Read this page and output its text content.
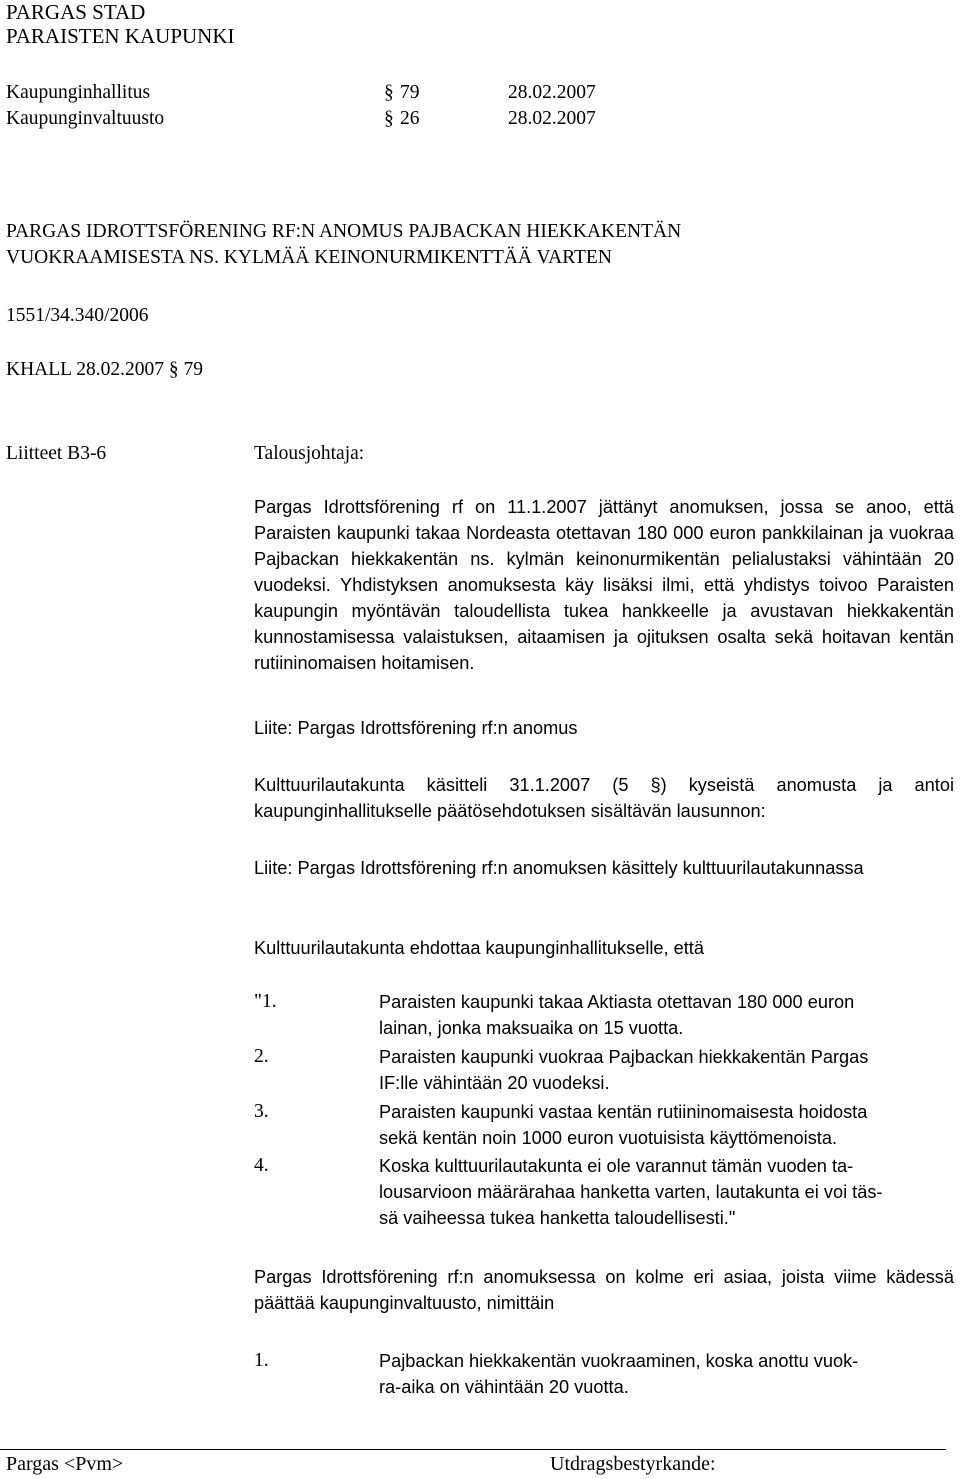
PARGAS STAD
PARAISTEN KAUPUNKI
Kaupunginhallitus	§ 79	28.02.2007
Kaupunginvaltuusto	§ 26	28.02.2007
PARGAS IDROTTSFÖRENING RF:N ANOMUS PAJBACKAN HIEKKAKENTÄN
VUOKRAAMISESTA NS. KYLMÄÄ KEINONURMIKENTTÄÄ VARTEN
1551/34.340/2006
KHALL 28.02.2007 § 79
Liitteet B3-6	Talousjohtaja:
Pargas Idrottsförening rf on 11.1.2007 jättänyt anomuksen, jossa se anoo, että Paraisten kaupunki takaa Nordeasta otettavan 180 000 euron pankkilainan ja vuokraa Pajbackan hiekkakentän ns. kylmän keinonurmikentän pelialustaksi vähintään 20 vuodeksi. Yhdistyksen anomuksesta käy lisäksi ilmi, että yhdistys toivoo Paraisten kaupungin myöntävän taloudellista tukea hankkeelle ja avustavan hiekkakentän kunnostamisessa valaistuksen, aitaamisen ja ojituksen osalta sekä hoitavan kentän rutiininomaisen hoitamisen.
Liite: Pargas Idrottsförening rf:n anomus
Kulttuurilautakunta käsitteli 31.1.2007 (5 §) kyseistä anomusta ja antoi kaupunginhallitukselle päätösehdotuksen sisältävän lausunnon:
Liite: Pargas Idrottsförening rf:n anomuksen käsittely kulttuurilautakunnassa
Kulttuurilautakunta ehdottaa kaupunginhallitukselle, että
"1.	Paraisten kaupunki takaa Aktiasta otettavan 180 000 euron
lainan, jonka maksuaika on 15 vuotta.
2.	Paraisten kaupunki vuokraa Pajbackan hiekkakentän Pargas
IF:lle vähintään 20 vuodeksi.
3.	Paraisten kaupunki vastaa kentän rutiininomaisesta hoidosta
sekä kentän noin 1000 euron vuotuisista käyttömenoista.
4.	Koska kulttuurilautakunta ei ole varannut tämän vuoden ta-
lousarvioon määrärahaa hanketta varten, lautakunta ei voi täs-
sä vaiheessa tukea hanketta taloudellisesti."
Pargas Idrottsförening rf:n anomuksessa on kolme eri asiaa, joista viime kädessä päättää kaupunginvaltuusto, nimittäin
1.	Pajbackan hiekkakentän vuokraaminen, koska anottu vuok-
ra-aika on vähintään 20 vuotta.
Pargas <Pvm>	Utdragsbestyrkande:
